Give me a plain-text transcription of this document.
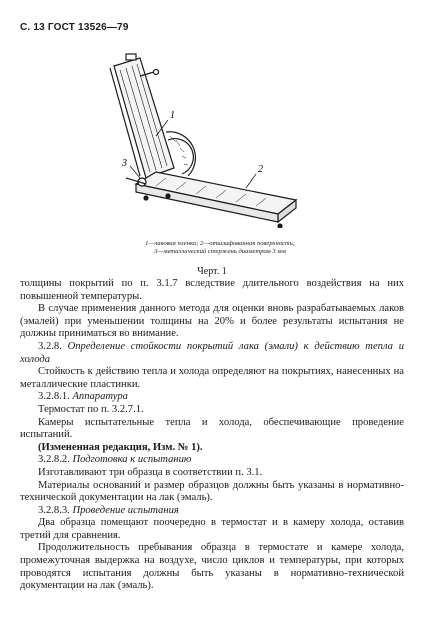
С. 13 ГОСТ 13526—79
1
2
3
1—лаковая пленка; 2—отшлифованная поверхность;
3—металлический стержень диаметром 3 мм
Черт. 1

толщины покрытий по п. 3.1.7 вследствие длительного воздействия на них повышенной температуры.

В случае применения данного метода для оценки вновь разрабатываемых лаков (эмалей) при уменьшении толщины на 20% и более результаты испытания не должны приниматься во внимание.

3.2.8. Определение стойкости покрытий лака (эмали) к действию тепла и холода

Стойкость к действию тепла и холода определяют на покрытиях, нанесенных на металлические пластинки.

3.2.8.1. Аппаратура

Термостат по п. 3.2.7.1.

Камеры испытательные тепла и холода, обеспечивающие проведение испытаний.

(Измененная редакция, Изм. № 1).

3.2.8.2. Подготовка к испытанию

Изготавливают три образца в соответствии п. 3.1.

Материалы оснований и размер образцов должны быть указаны в нормативно-технической документации на лак (эмаль).

3.2.8.3. Проведение испытания

Два образца помещают поочередно в термостат и в камеру холода, оставив третий для сравнения.

Продолжительность пребывания образца в термостате и камере холода, промежуточная выдержка на воздухе, число циклов и температуры, при которых проводятся испытания должны быть указаны в нормативно-технической документации на лак (эмаль).
